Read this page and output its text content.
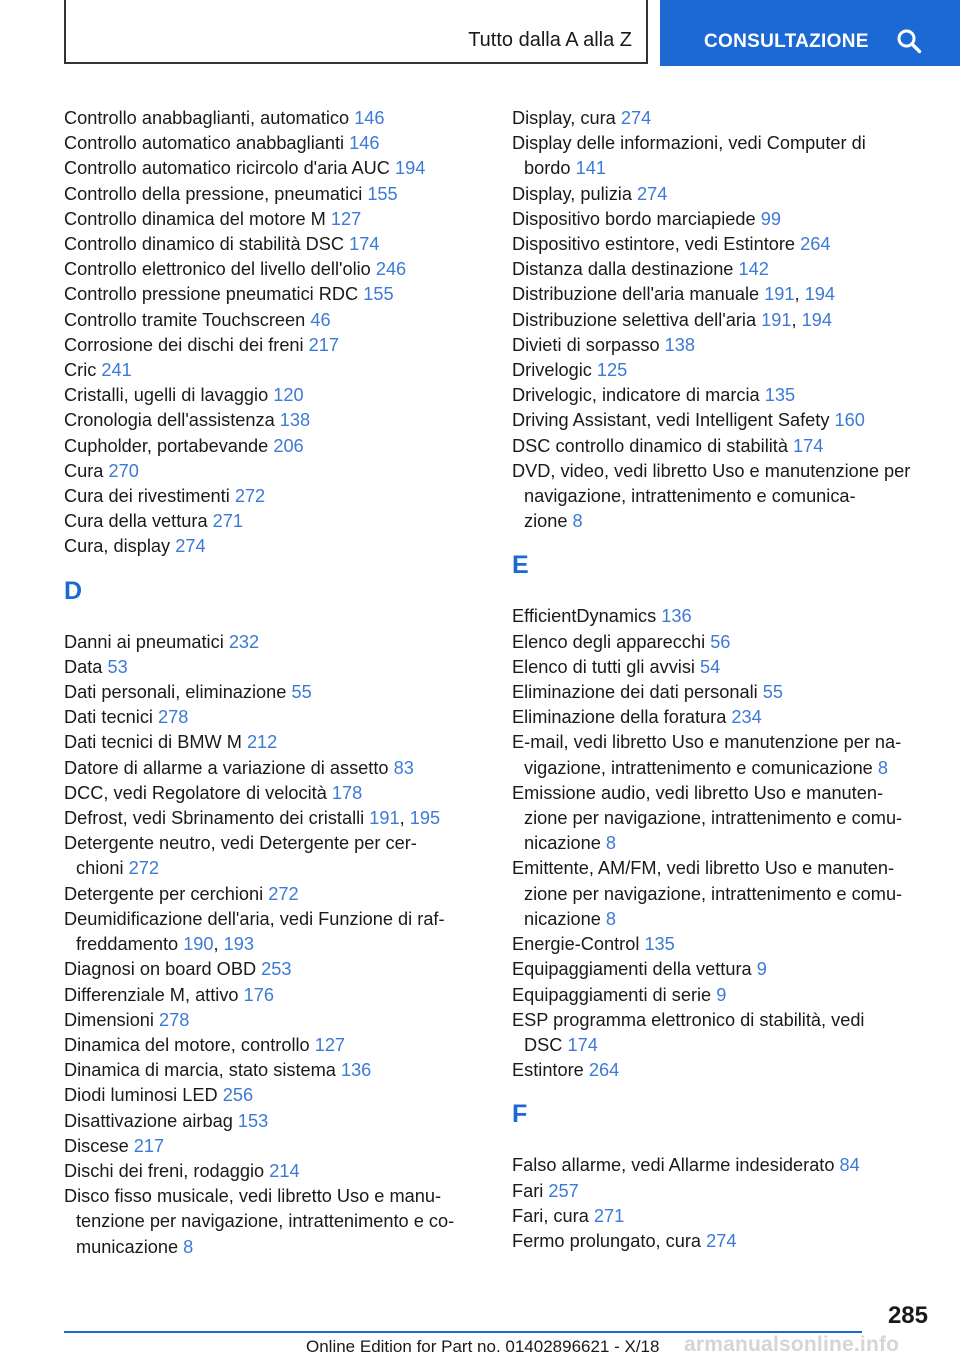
Tutto dalla A alla Z	CONSULTAZIONE

Controllo anabbaglianti, automatico 146

Controllo automatico anabbaglianti 146

Controllo automatico ricircolo d'aria AUC 194

Controllo della pressione, pneumatici 155

Controllo dinamica del motore M 127

Controllo dinamico di stabilità DSC 174

Controllo elettronico del livello dell'olio 246

Controllo pressione pneumatici RDC 155

Controllo tramite Touchscreen 46

Corrosione dei dischi dei freni 217

Cric 241

Cristalli, ugelli di lavaggio 120

Cronologia dell'assistenza 138

Cupholder, portabevande 206

Cura 270

Cura dei rivestimenti 272

Cura della vettura 271

Cura, display 274

D

Danni ai pneumatici 232

Data 53

Dati personali, eliminazione 55

Dati tecnici 278

Dati tecnici di BMW M 212

Datore di allarme a variazione di assetto 83

DCC, vedi Regolatore di velocità 178

Defrost, vedi Sbrinamento dei cristalli 191, 195

Detergente neutro, vedi Detergente per cer-
chioni 272

Detergente per cerchioni 272

Deumidificazione dell'aria, vedi Funzione di raf-
freddamento 190, 193

Diagnosi on board OBD 253

Differenziale M, attivo 176

Dimensioni 278

Dinamica del motore, controllo 127

Dinamica di marcia, stato sistema 136

Diodi luminosi LED 256

Disattivazione airbag 153

Discese 217

Dischi dei freni, rodaggio 214

Disco fisso musicale, vedi libretto Uso e manu-
tenzione per navigazione, intrattenimento e co-
municazione 8

Display, cura 274

Display delle informazioni, vedi Computer di
bordo 141

Display, pulizia 274

Dispositivo bordo marciapiede 99

Dispositivo estintore, vedi Estintore 264

Distanza dalla destinazione 142

Distribuzione dell'aria manuale 191, 194

Distribuzione selettiva dell'aria 191, 194

Divieti di sorpasso 138

Drivelogic 125

Drivelogic, indicatore di marcia 135

Driving Assistant, vedi Intelligent Safety 160

DSC controllo dinamico di stabilità 174

DVD, video, vedi libretto Uso e manutenzione per
navigazione, intrattenimento e comunica-
zione 8

E

EfficientDynamics 136

Elenco degli apparecchi 56

Elenco di tutti gli avvisi 54

Eliminazione dei dati personali 55

Eliminazione della foratura 234

E-mail, vedi libretto Uso e manutenzione per na-
vigazione, intrattenimento e comunicazione 8

Emissione audio, vedi libretto Uso e manuten-
zione per navigazione, intrattenimento e comu-
nicazione 8

Emittente, AM/FM, vedi libretto Uso e manuten-
zione per navigazione, intrattenimento e comu-
nicazione 8

Energie-Control 135

Equipaggiamenti della vettura 9

Equipaggiamenti di serie 9

ESP programma elettronico di stabilità, vedi
DSC 174

Estintore 264

F

Falso allarme, vedi Allarme indesiderato 84

Fari 257

Fari, cura 271

Fermo prolungato, cura 274

285
Online Edition for Part no. 01402896621 - X/18 armanualsonline.info
